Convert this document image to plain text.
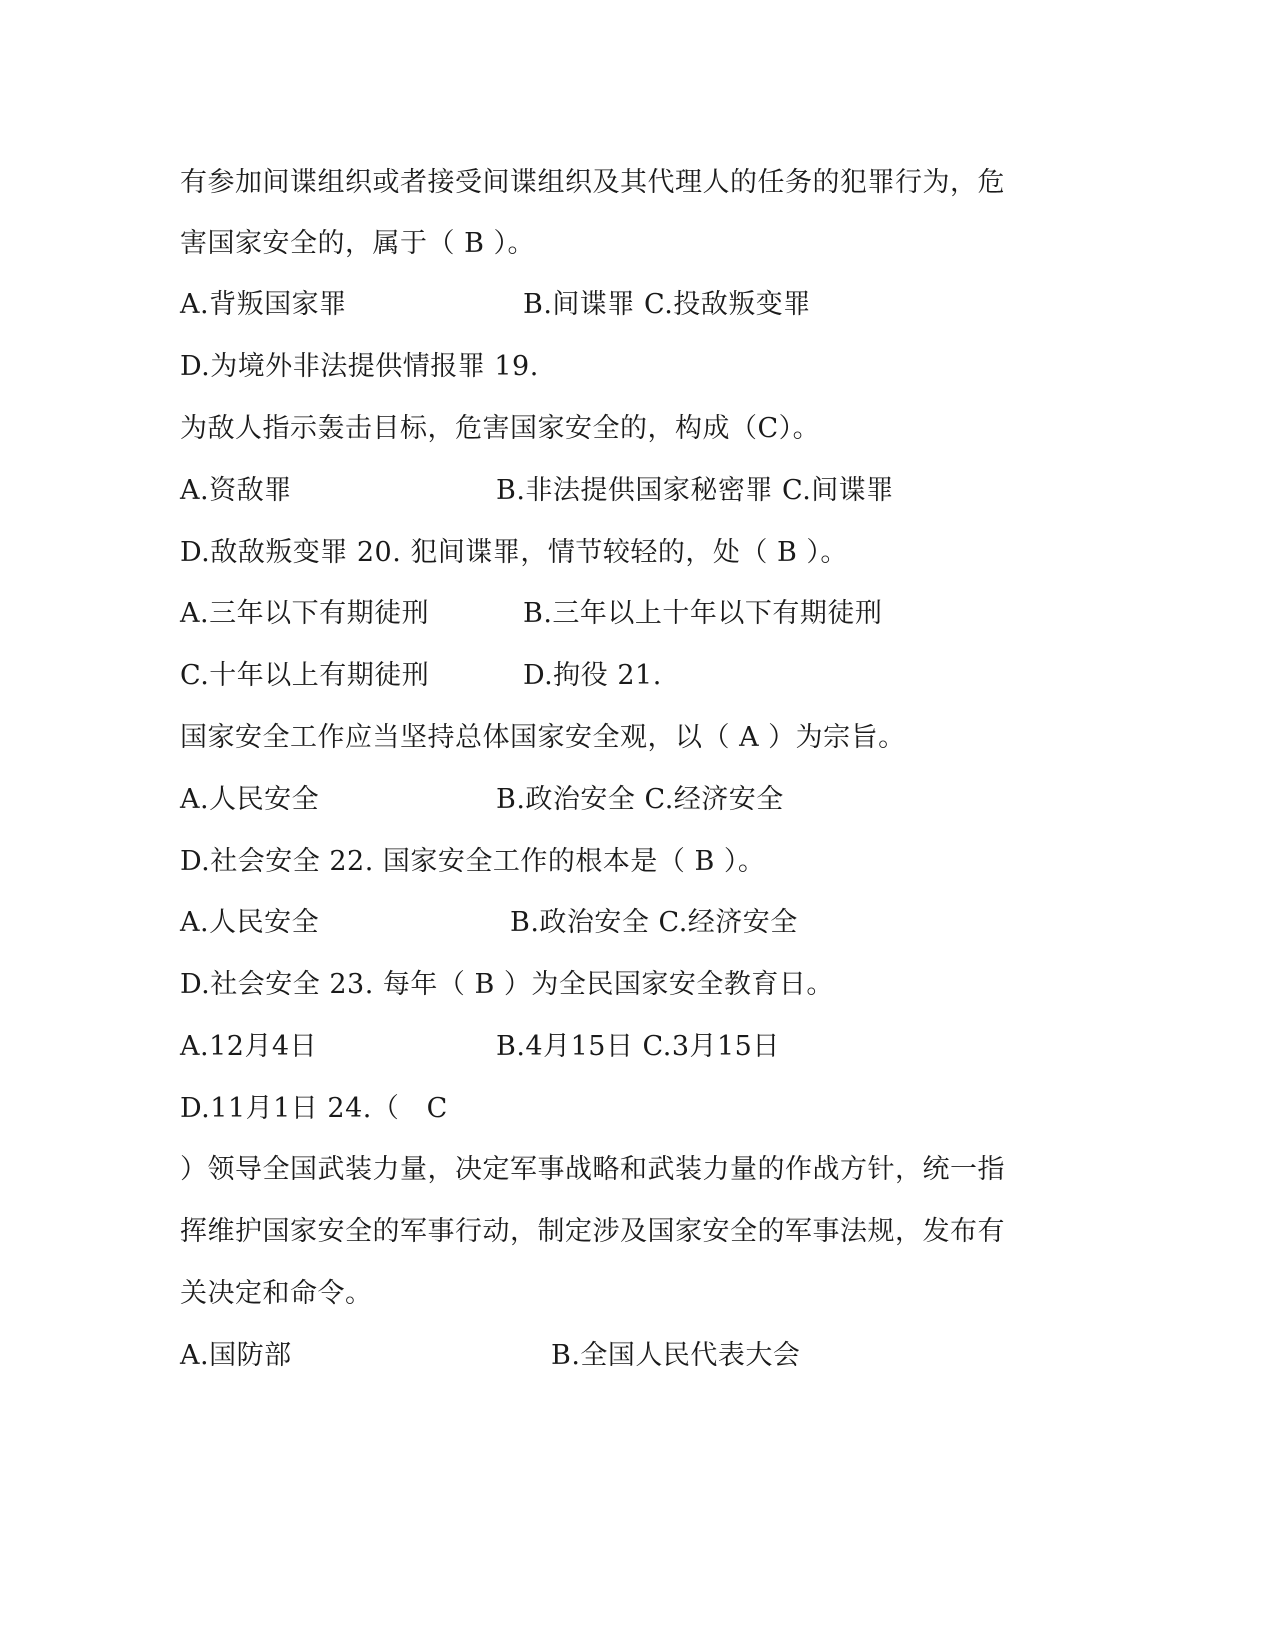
有参加间谍组织或者接受间谍组织及其代理人的任务的犯罪行为，危
害国家安全的，属于（ B ）。
A.背叛国家罪	B.间谍罪 C.投敌叛变罪
D.为境外非法提供情报罪 19.
为敌人指示轰击目标，危害国家安全的，构成（C）。
A.资敌罪	B.非法提供国家秘密罪 C.间谍罪
D.敌敌叛变罪 20. 犯间谍罪，情节较轻的，处（ B ）。
A.三年以下有期徒刑	B.三年以上十年以下有期徒刑
C.十年以上有期徒刑	D.拘役 21.
国家安全工作应当坚持总体国家安全观，以（ A ）为宗旨。
A.人民安全	B.政治安全 C.经济安全
D.社会安全 22. 国家安全工作的根本是（ B ）。
A.人民安全	B.政治安全 C.经济安全
D.社会安全 23. 每年（ B ）为全民国家安全教育日。
A.12月4日	B.4月15日 C.3月15日
D.11月1日 24.（   C
）领导全国武装力量，决定军事战略和武装力量的作战方针，统一指
挥维护国家安全的军事行动，制定涉及国家安全的军事法规，发布有
关决定和命令。
A.国防部	B.全国人民代表大会
